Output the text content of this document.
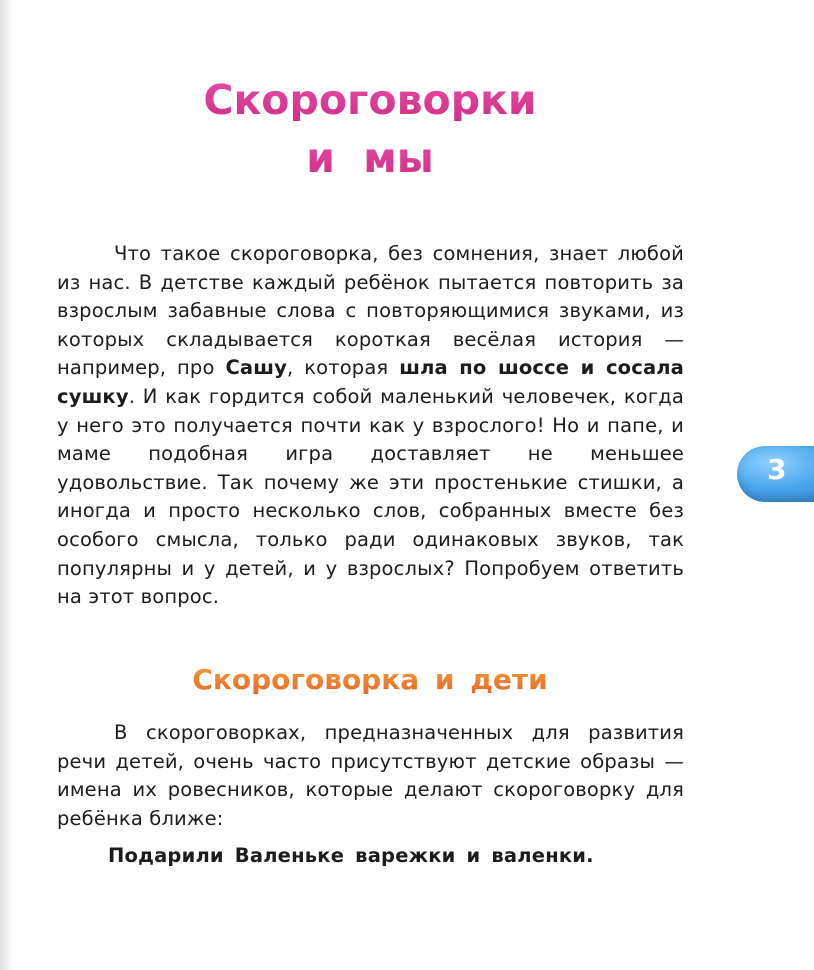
Скороговорки
и мы

Что такое скороговорка, без сомнения, знает любой из нас. В детстве каждый ребёнок пытается повторить за взрослым забавные слова с повторяющимися звуками, из которых складывается короткая весёлая история — например, про Сашу, которая шла по шоссе и сосала сушку. И как гордится собой маленький человечек, когда у него это получается почти как у взрослого! Но и папе, и маме подобная игра доставляет не меньшее удовольствие. Так почему же эти простенькие стишки, а иногда и просто несколько слов, собранных вместе без особого смысла, только ради одинаковых звуков, так популярны и у детей, и у взрослых? Попробуем ответить на этот вопрос.

Скороговорка и дети

В скороговорках, предназначенных для развития речи детей, очень часто присутствуют детские образы — имена их ровесников, которые делают скороговорку для ребёнка ближе:

Подарили Валеньке варежки и валенки.

3
